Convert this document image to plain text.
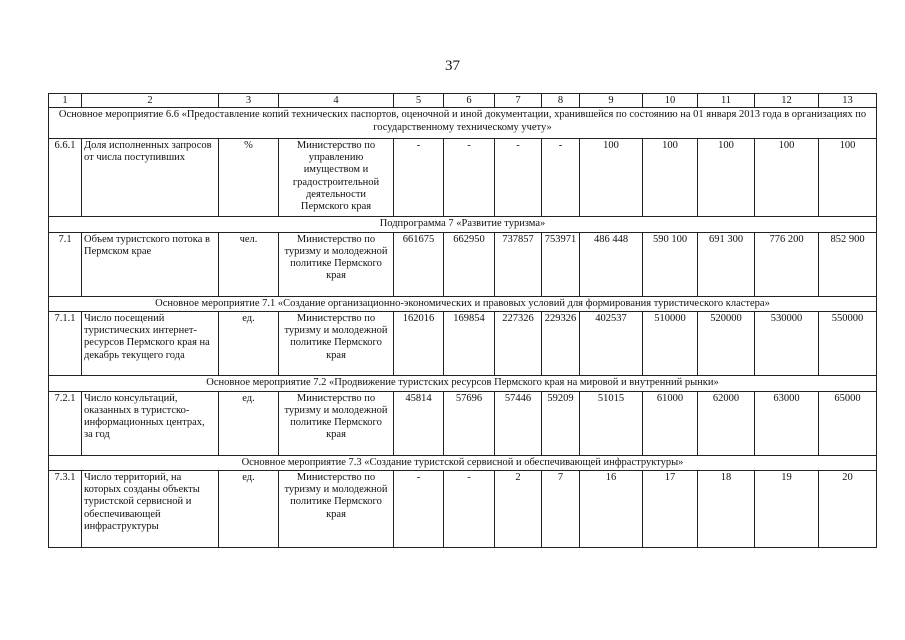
37
1	2	3	4	5	6	7	8	9	10	11	12	13
Основное мероприятие 6.6 «Предоставление копий технических паспортов, оценочной и иной документации, хранившейся по состоянию на 01 января 2013 года в организациях по государственному техническому учету»												
6.6.1	Доля исполненных запросов от числа поступивших	%	Министерство по управлению имуществом и градостроительной деятельности Пермского края	-	-	-	-	100	100	100	100	100
Подпрограмма 7 «Развитие туризма»												
7.1	Объем туристского потока в Пермском крае	чел.	Министерство по туризму и молодежной политике Пермского края	661675	662950	737857	753971	486 448	590 100	691 300	776 200	852 900
Основное мероприятие 7.1 «Создание организационно-экономических и правовых условий для формирования туристического кластера»												
7.1.1	Число посещений туристических интернет-ресурсов Пермского края на декабрь текущего года	ед.	Министерство по туризму и молодежной политике Пермского края	162016	169854	227326	229326	402537	510000	520000	530000	550000
Основное мероприятие 7.2 «Продвижение туристских ресурсов Пермского края на мировой и внутренний рынки»												
7.2.1	Число консультаций, оказанных в туристско-информационных центрах, за год	ед.	Министерство по туризму и молодежной политике Пермского края	45814	57696	57446	59209	51015	61000	62000	63000	65000
Основное мероприятие 7.3 «Создание туристской сервисной и обеспечивающей инфраструктуры»												
7.3.1	Число территорий, на которых созданы объекты туристской сервисной и обеспечивающей инфраструктуры	ед.	Министерство по туризму и молодежной политике Пермского края	-	-	2	7	16	17	18	19	20
